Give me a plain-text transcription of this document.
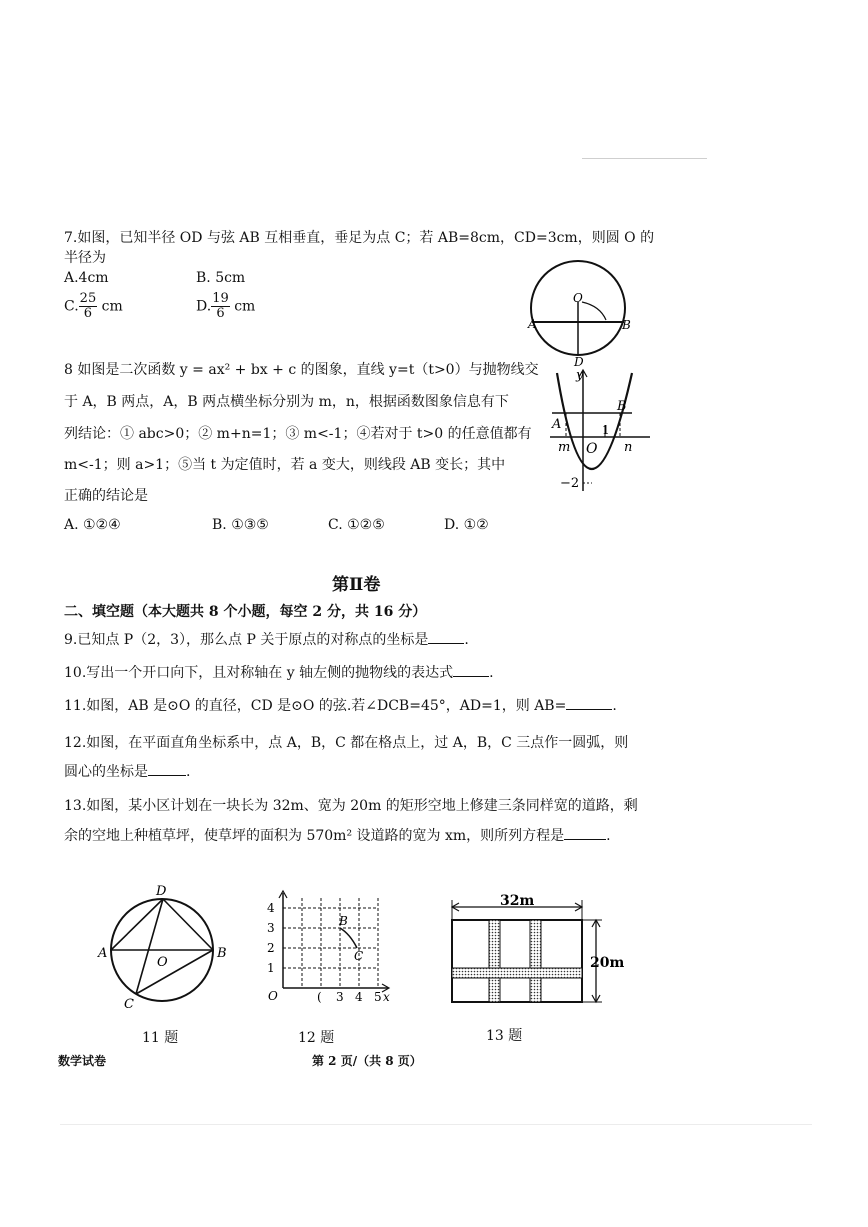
7.如图，已知半径 OD 与弦 AB 互相垂直，垂足为点 C；若 AB=8cm，CD=3cm，则圆 O 的
半径为
A.4cm	B. 5cm
C. $\frac{25}{6}$ cm	D. $\frac{19}{6}$ cm
O
A	B
D
8 如图是二次函数 y = ax² + bx + c 的图象，直线 y=t（t>0）与抛物线交
于 A，B 两点，A，B 两点横坐标分别为 m，n，根据函数图象信息有下
列结论：① abc>0；② m+n=1；③ m<-1；④若对于 t>0 的任意值都有
m<-1；则 a>1；⑤当 t 为定值时，若 a 变大，则线段 AB 变长；其中
正确的结论是
A. ①②④	B. ①③⑤	C. ①②⑤	D. ①②
y
A
B
m O
1
n
−2
第Ⅱ卷
二、填空题（本大题共 8 个小题，每空 2 分，共 16 分）
9.已知点 P（2，3），那么点 P 关于原点的对称点的坐标是	.
10.写出一个开口向下，且对称轴在 y 轴左侧的抛物线的表达式	.
11.如图，AB 是⊙O 的直径，CD 是⊙O 的弦.若∠DCB=45°，AD=1，则 AB=	.
12.如图，在平面直角坐标系中，点 A，B，C 都在格点上，过 A，B，C 三点作一圆弧，则
圆心的坐标是	.
13.如图，某小区计划在一块长为 32m、宽为 20m 的矩形空地上修建三条同样宽的道路，剩
余的空地上种植草坪，使草坪的面积为 570m² 设道路的宽为 xm，则所列方程是	.
D
A	B
O
C
11 题
4
3
2
1
O	( 3 4 5 x
B
C
12 题
32m
20m
13 题
数学试卷	第 2 页/（共 8 页）
